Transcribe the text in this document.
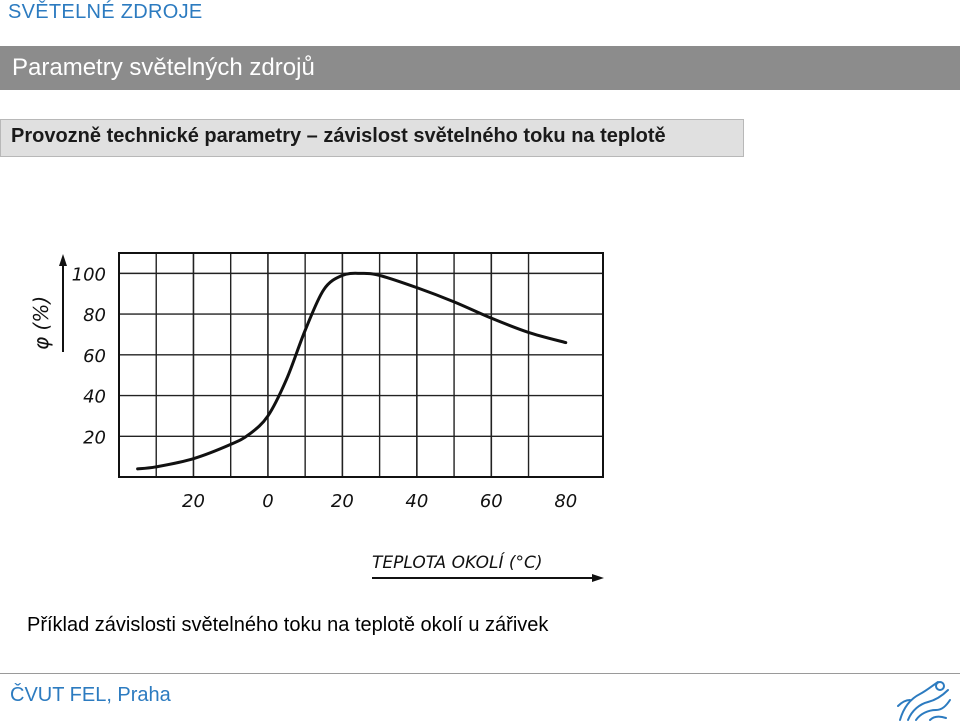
SVĚTELNÉ ZDROJE
Parametry světelných zdrojů
Provozně technické parametry – závislost světelného toku na teplotě
100
80
60
40
20
20	0	20	40	60	80
φ (%)
TEPLOTA OKOLÍ (°C)
Příklad závislosti světelného toku na teplotě okolí u zářivek
ČVUT FEL, Praha
